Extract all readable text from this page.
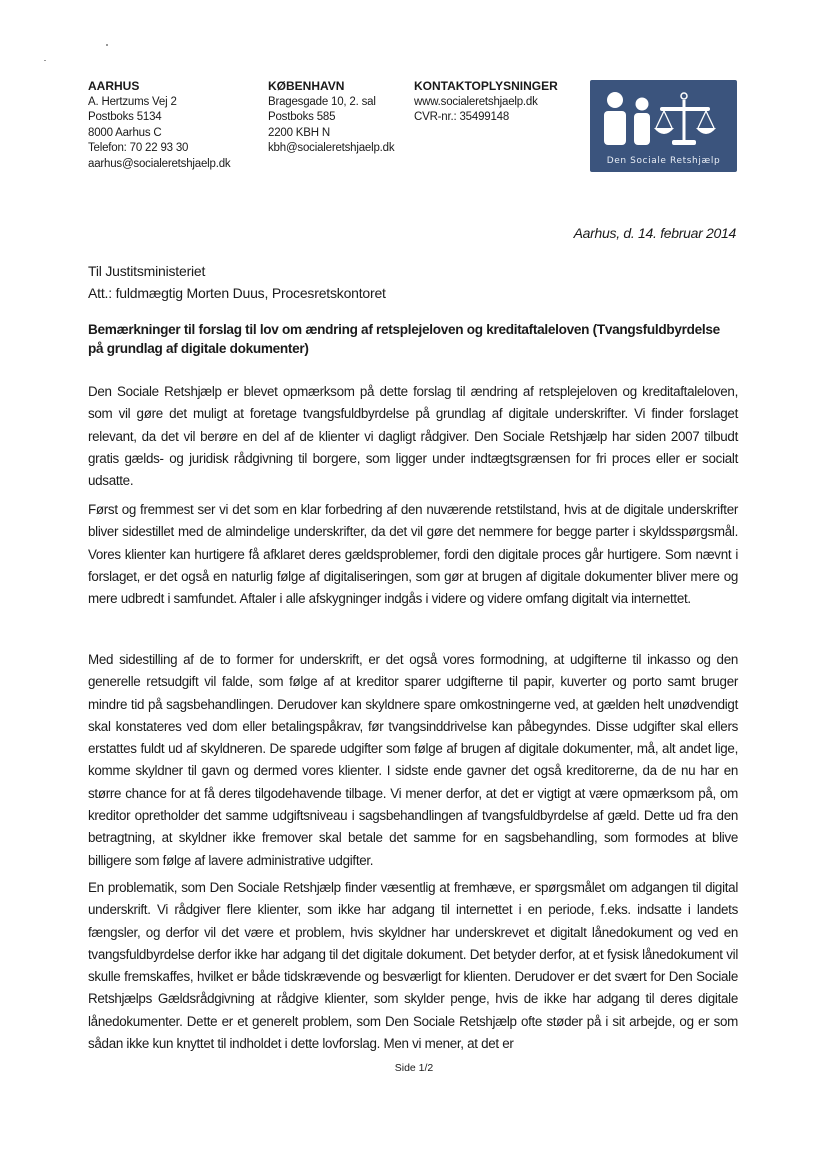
AARHUS
A. Hertzums Vej 2
Postboks 5134
8000 Aarhus C
Telefon: 70 22 93 30
aarhus@socialeretshjaelp.dk
KØBENHAVN
Bragesgade 10, 2. sal
Postboks 585
2200 KBH N
kbh@socialeretshjaelp.dk
KONTAKTOPLYSNINGER
www.socialeretshjaelp.dk
CVR-nr.: 35499148
Den Sociale Retshjælp
Aarhus, d. 14. februar 2014
Til Justitsministeriet
Att.: fuldmægtig Morten Duus, Procesretskontoret

Bemærkninger til forslag til lov om ændring af retsplejeloven og kreditaftaleloven (Tvangsfuldbyrdelse på grundlag af digitale dokumenter)

Den Sociale Retshjælp er blevet opmærksom på dette forslag til ændring af retsplejeloven og kreditaftaleloven, som vil gøre det muligt at foretage tvangsfuldbyrdelse på grundlag af digitale underskrifter. Vi finder forslaget relevant, da det vil berøre en del af de klienter vi dagligt rådgiver. Den Sociale Retshjælp har siden 2007 tilbudt gratis gælds- og juridisk rådgivning til borgere, som ligger under indtægtsgrænsen for fri proces eller er socialt udsatte.

Først og fremmest ser vi det som en klar forbedring af den nuværende retstilstand, hvis at de digitale underskrifter bliver sidestillet med de almindelige underskrifter, da det vil gøre det nemmere for begge parter i skyldsspørgsmål. Vores klienter kan hurtigere få afklaret deres gældsproblemer, fordi den digitale proces går hurtigere. Som nævnt i forslaget, er det også en naturlig følge af digitaliseringen, som gør at brugen af digitale dokumenter bliver mere og mere udbredt i samfundet. Aftaler i alle afskygninger indgås i videre og videre omfang digitalt via internettet.

Med sidestilling af de to former for underskrift, er det også vores formodning, at udgifterne til inkasso og den generelle retsudgift vil falde, som følge af at kreditor sparer udgifterne til papir, kuverter og porto samt bruger mindre tid på sagsbehandlingen. Derudover kan skyldnere spare omkostningerne ved, at gælden helt unødvendigt skal konstateres ved dom eller betalingspåkrav, før tvangsinddrivelse kan påbegyndes. Disse udgifter skal ellers erstattes fuldt ud af skyldneren. De sparede udgifter som følge af brugen af digitale dokumenter, må, alt andet lige, komme skyldner til gavn og dermed vores klienter. I sidste ende gavner det også kreditorerne, da de nu har en større chance for at få deres tilgodehavende tilbage. Vi mener derfor, at det er vigtigt at være opmærksom på, om kreditor opretholder det samme udgiftsniveau i sagsbehandlingen af tvangsfuldbyrdelse af gæld. Dette ud fra den betragtning, at skyldner ikke fremover skal betale det samme for en sagsbehandling, som formodes at blive billigere som følge af lavere administrative udgifter.

En problematik, som Den Sociale Retshjælp finder væsentlig at fremhæve, er spørgsmålet om adgangen til digital underskrift. Vi rådgiver flere klienter, som ikke har adgang til internettet i en periode, f.eks. indsatte i landets fængsler, og derfor vil det være et problem, hvis skyldner har underskrevet et digitalt lånedokument og ved en tvangsfuldbyrdelse derfor ikke har adgang til det digitale dokument. Det betyder derfor, at et fysisk lånedokument vil skulle fremskaffes, hvilket er både tidskrævende og besværligt for klienten. Derudover er det svært for Den Sociale Retshjælps Gældsrådgivning at rådgive klienter, som skylder penge, hvis de ikke har adgang til deres digitale lånedokumenter. Dette er et generelt problem, som Den Sociale Retshjælp ofte støder på i sit arbejde, og er som sådan ikke kun knyttet til indholdet i dette lovforslag. Men vi mener, at det er

Side 1/2
